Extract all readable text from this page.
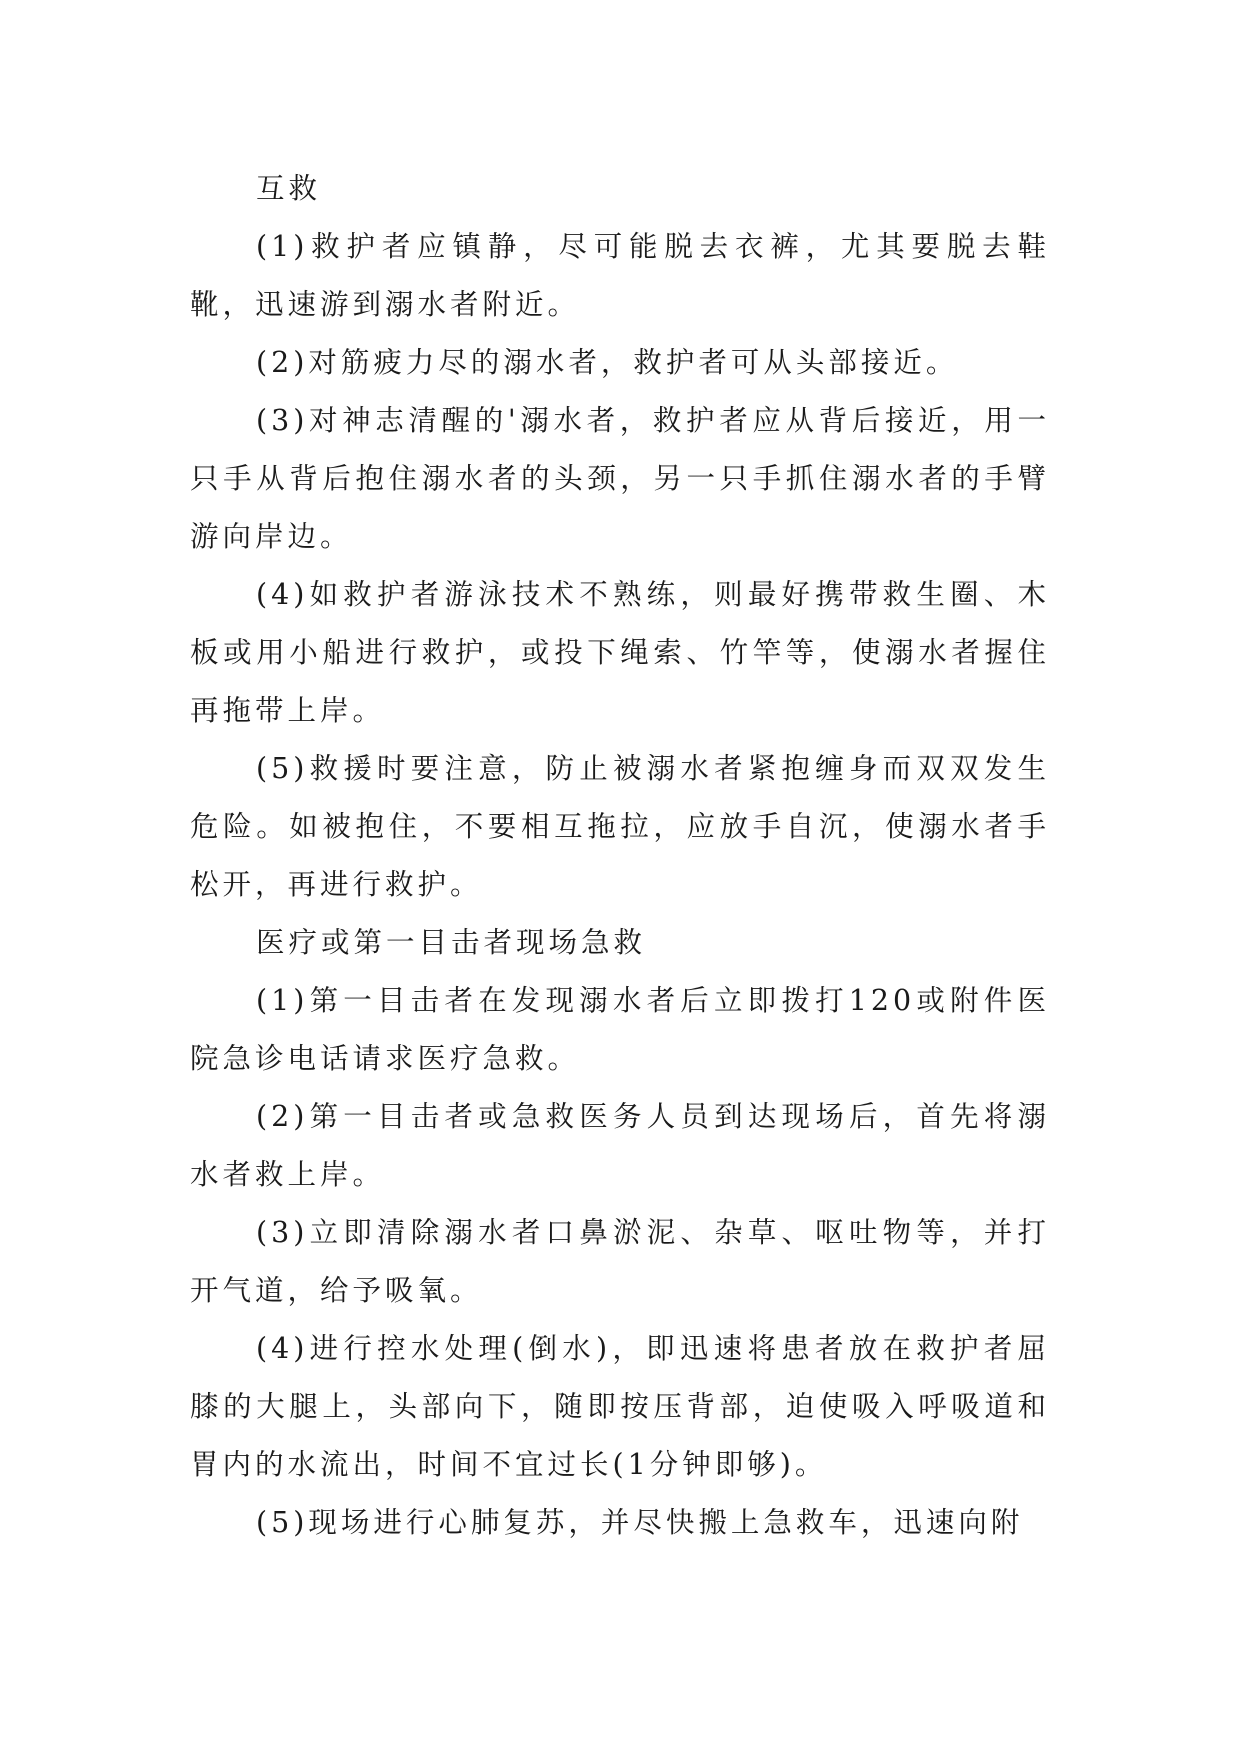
互救

(1)救护者应镇静，尽可能脱去衣裤，尤其要脱去鞋靴，迅速游到溺水者附近。

(2)对筋疲力尽的溺水者，救护者可从头部接近。

(3)对神志清醒的'溺水者，救护者应从背后接近，用一只手从背后抱住溺水者的头颈，另一只手抓住溺水者的手臂游向岸边。

(4)如救护者游泳技术不熟练，则最好携带救生圈、木板或用小船进行救护，或投下绳索、竹竿等，使溺水者握住再拖带上岸。

(5)救援时要注意，防止被溺水者紧抱缠身而双双发生危险。如被抱住，不要相互拖拉，应放手自沉，使溺水者手松开，再进行救护。

医疗或第一目击者现场急救

(1)第一目击者在发现溺水者后立即拨打120或附件医院急诊电话请求医疗急救。

(2)第一目击者或急救医务人员到达现场后，首先将溺水者救上岸。

(3)立即清除溺水者口鼻淤泥、杂草、呕吐物等，并打开气道，给予吸氧。

(4)进行控水处理(倒水)，即迅速将患者放在救护者屈膝的大腿上，头部向下，随即按压背部，迫使吸入呼吸道和胃内的水流出，时间不宜过长(1分钟即够)。

(5)现场进行心肺复苏，并尽快搬上急救车，迅速向附
